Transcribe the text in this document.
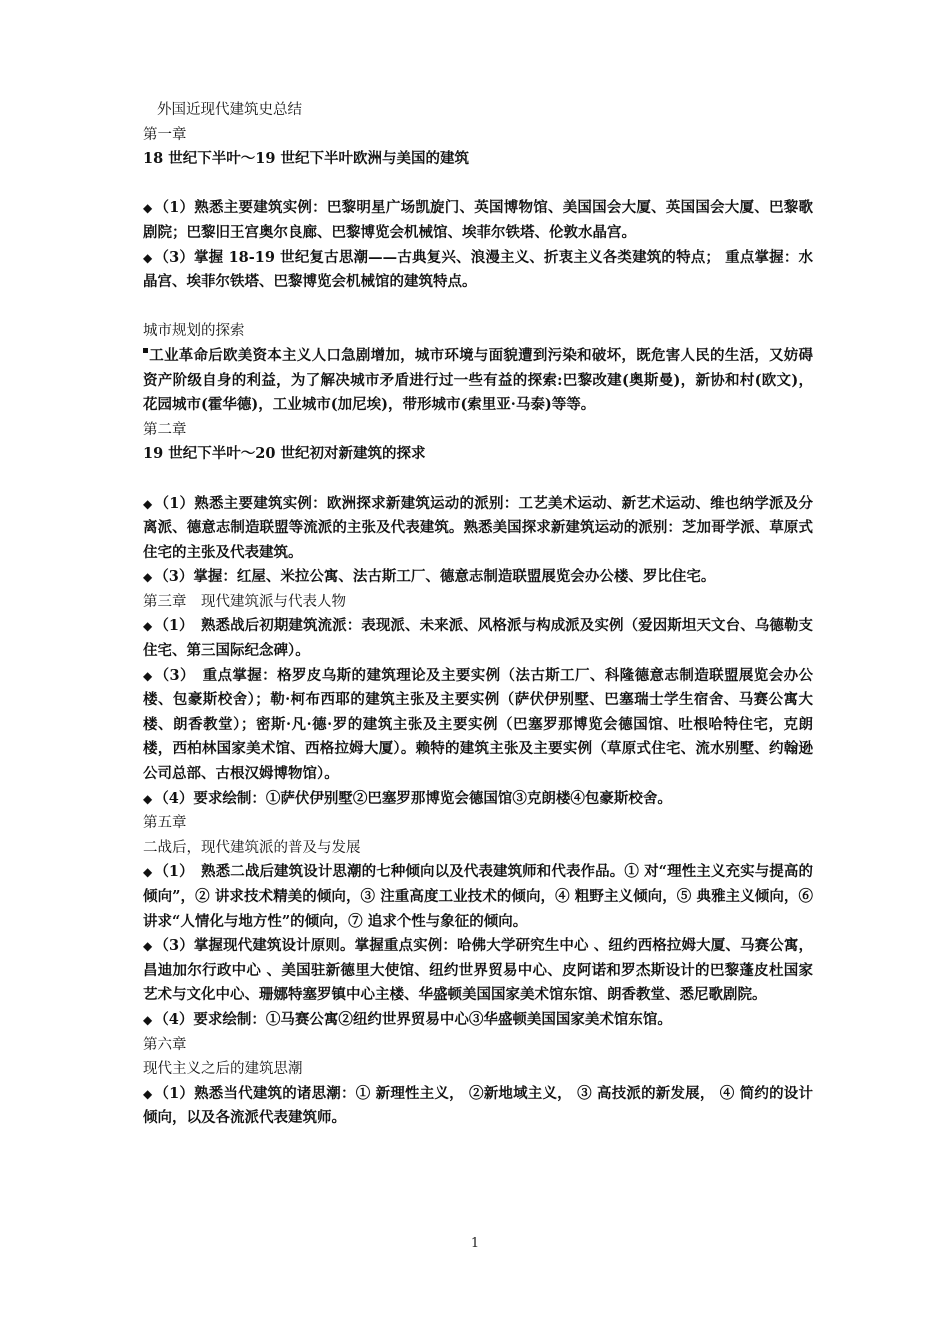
外国近现代建筑史总结

第一章

18 世纪下半叶～19 世纪下半叶欧洲与美国的建筑

◆ （1）熟悉主要建筑实例：巴黎明星广场凯旋门、英国博物馆、美国国会大厦、英国国会大厦、巴黎歌剧院；巴黎旧王宫奥尔良廊、巴黎博览会机械馆、埃菲尔铁塔、伦敦水晶宫。

◆ （3）掌握 18-19 世纪复古思潮——古典复兴、浪漫主义、折衷主义各类建筑的特点； 重点掌握：水晶宫、埃菲尔铁塔、巴黎博览会机械馆的建筑特点。

城市规划的探索

工业革命后欧美资本主义人口急剧增加，城市环境与面貌遭到污染和破坏，既危害人民的生活，又妨碍资产阶级自身的利益，为了解决城市矛盾进行过一些有益的探索:巴黎改建(奥斯曼)，新协和村(欧文)，花园城市(霍华德)，工业城市(加尼埃)，带形城市(索里亚·马泰)等等。

第二章

19 世纪下半叶～20 世纪初对新建筑的探求

◆ （1）熟悉主要建筑实例：欧洲探求新建筑运动的派别：工艺美术运动、新艺术运动、维也纳学派及分离派、德意志制造联盟等流派的主张及代表建筑。熟悉美国探求新建筑运动的派别：芝加哥学派、草原式住宅的主张及代表建筑。

◆ （3）掌握：红屋、米拉公寓、法古斯工厂、德意志制造联盟展览会办公楼、罗比住宅。

第三章　现代建筑派与代表人物

◆ （1）　熟悉战后初期建筑流派：表现派、未来派、风格派与构成派及实例（爱因斯坦天文台、乌德勒支住宅、第三国际纪念碑）。

◆ （3）　重点掌握：格罗皮乌斯的建筑理论及主要实例（法古斯工厂、科隆德意志制造联盟展览会办公楼、包豪斯校舍）；勒·柯布西耶的建筑主张及主要实例（萨伏伊别墅、巴塞瑞士学生宿舍、马赛公寓大楼、朗香教堂）；密斯·凡·德·罗的建筑主张及主要实例（巴塞罗那博览会德国馆、吐根哈特住宅，克朗楼，西柏林国家美术馆、西格拉姆大厦）。赖特的建筑主张及主要实例（草原式住宅、流水别墅、约翰逊公司总部、古根汉姆博物馆）。

◆ （4）要求绘制：①萨伏伊别墅②巴塞罗那博览会德国馆③克朗楼④包豪斯校舍。

第五章

二战后，现代建筑派的普及与发展

◆ （1）　熟悉二战后建筑设计思潮的七种倾向以及代表建筑师和代表作品。① 对“理性主义充实与提高的倾向”，② 讲求技术精美的倾向，③ 注重高度工业技术的倾向，④ 粗野主义倾向，⑤ 典雅主义倾向，⑥ 讲求“人情化与地方性”的倾向，⑦ 追求个性与象征的倾向。

◆ （3）掌握现代建筑设计原则。掌握重点实例：哈佛大学研究生中心 、纽约西格拉姆大厦、马赛公寓，昌迪加尔行政中心 、美国驻新德里大使馆、纽约世界贸易中心、皮阿诺和罗杰斯设计的巴黎蓬皮杜国家艺术与文化中心、珊娜特塞罗镇中心主楼、华盛顿美国国家美术馆东馆、朗香教堂、悉尼歌剧院。

◆ （4）要求绘制：①马赛公寓②纽约世界贸易中心③华盛顿美国国家美术馆东馆。

第六章

现代主义之后的建筑思潮

◆ （1）熟悉当代建筑的诸思潮：① 新理性主义， ②新地域主义， ③ 高技派的新发展， ④ 简约的设计倾向，以及各流派代表建筑师。

1
